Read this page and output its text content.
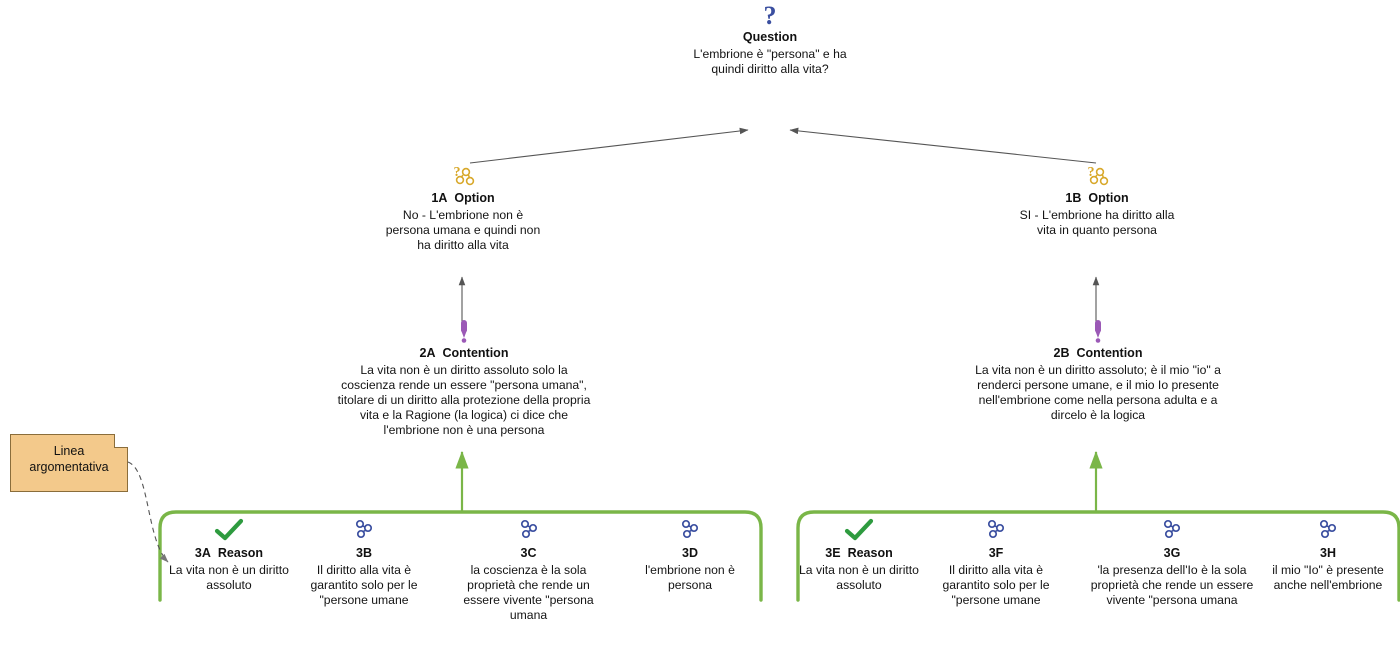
Linea argomentativa
?
Question
L'embrione è "persona" e ha quindi diritto alla vita?
?
1A Option
No - L'embrione non è persona umana e quindi non ha diritto alla vita
?
1B Option
SI - L'embrione ha diritto alla vita in quanto persona
2A Contention
La vita non è un diritto assoluto solo la coscienza rende un essere "persona umana", titolare di un diritto alla protezione della propria vita e la Ragione (la logica) ci dice che l'embrione non è una persona
2B Contention
La vita non è un diritto assoluto; è il mio "io" a renderci persone umane, e il mio Io presente nell'embrione come nella persona adulta e a dircelo è la logica
3A Reason
La vita non è un diritto assoluto
3B
Il diritto alla vita è garantito solo per le "persone umane
3C
la coscienza è la sola proprietà che rende un essere vivente "persona umana
3D
l'embrione non è persona
3E Reason
La vita non è un diritto assoluto
3F
Il diritto alla vita è garantito solo per le "persone umane
3G
'la presenza dell'Io è la sola proprietà che rende un essere vivente "persona umana
3H
il mio "Io" è presente anche nell'embrione
